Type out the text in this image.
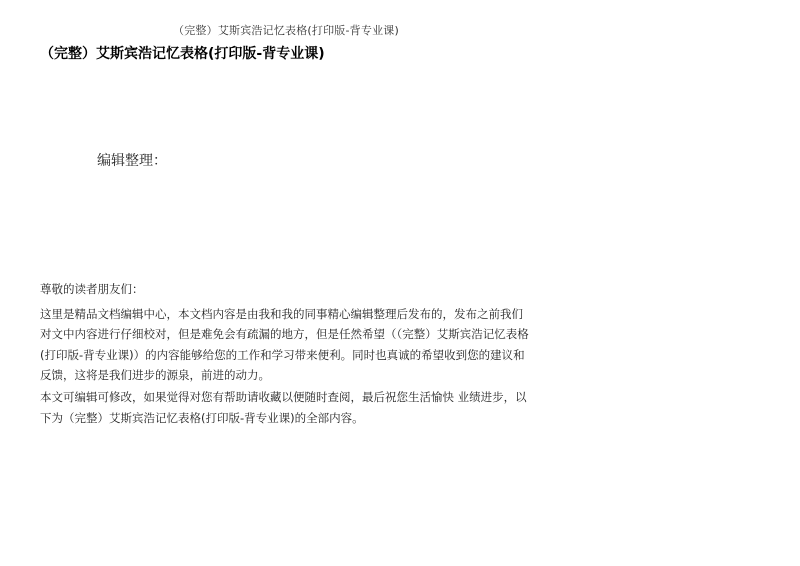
（完整）艾斯宾浩记忆表格(打印版-背专业课)
（完整）艾斯宾浩记忆表格(打印版-背专业课)
编辑整理：

尊敬的读者朋友们：

这里是精品文档编辑中心，本文档内容是由我和我的同事精心编辑整理后发布的，发布之前我们对文中内容进行仔细校对，但是难免会有疏漏的地方，但是任然希望（（完整）艾斯宾浩记忆表格(打印版-背专业课)）的内容能够给您的工作和学习带来便利。同时也真诚的希望收到您的建议和反馈，这将是我们进步的源泉，前进的动力。

本文可编辑可修改，如果觉得对您有帮助请收藏以便随时查阅，最后祝您生活愉快 业绩进步，以下为（完整）艾斯宾浩记忆表格(打印版-背专业课)的全部内容。
